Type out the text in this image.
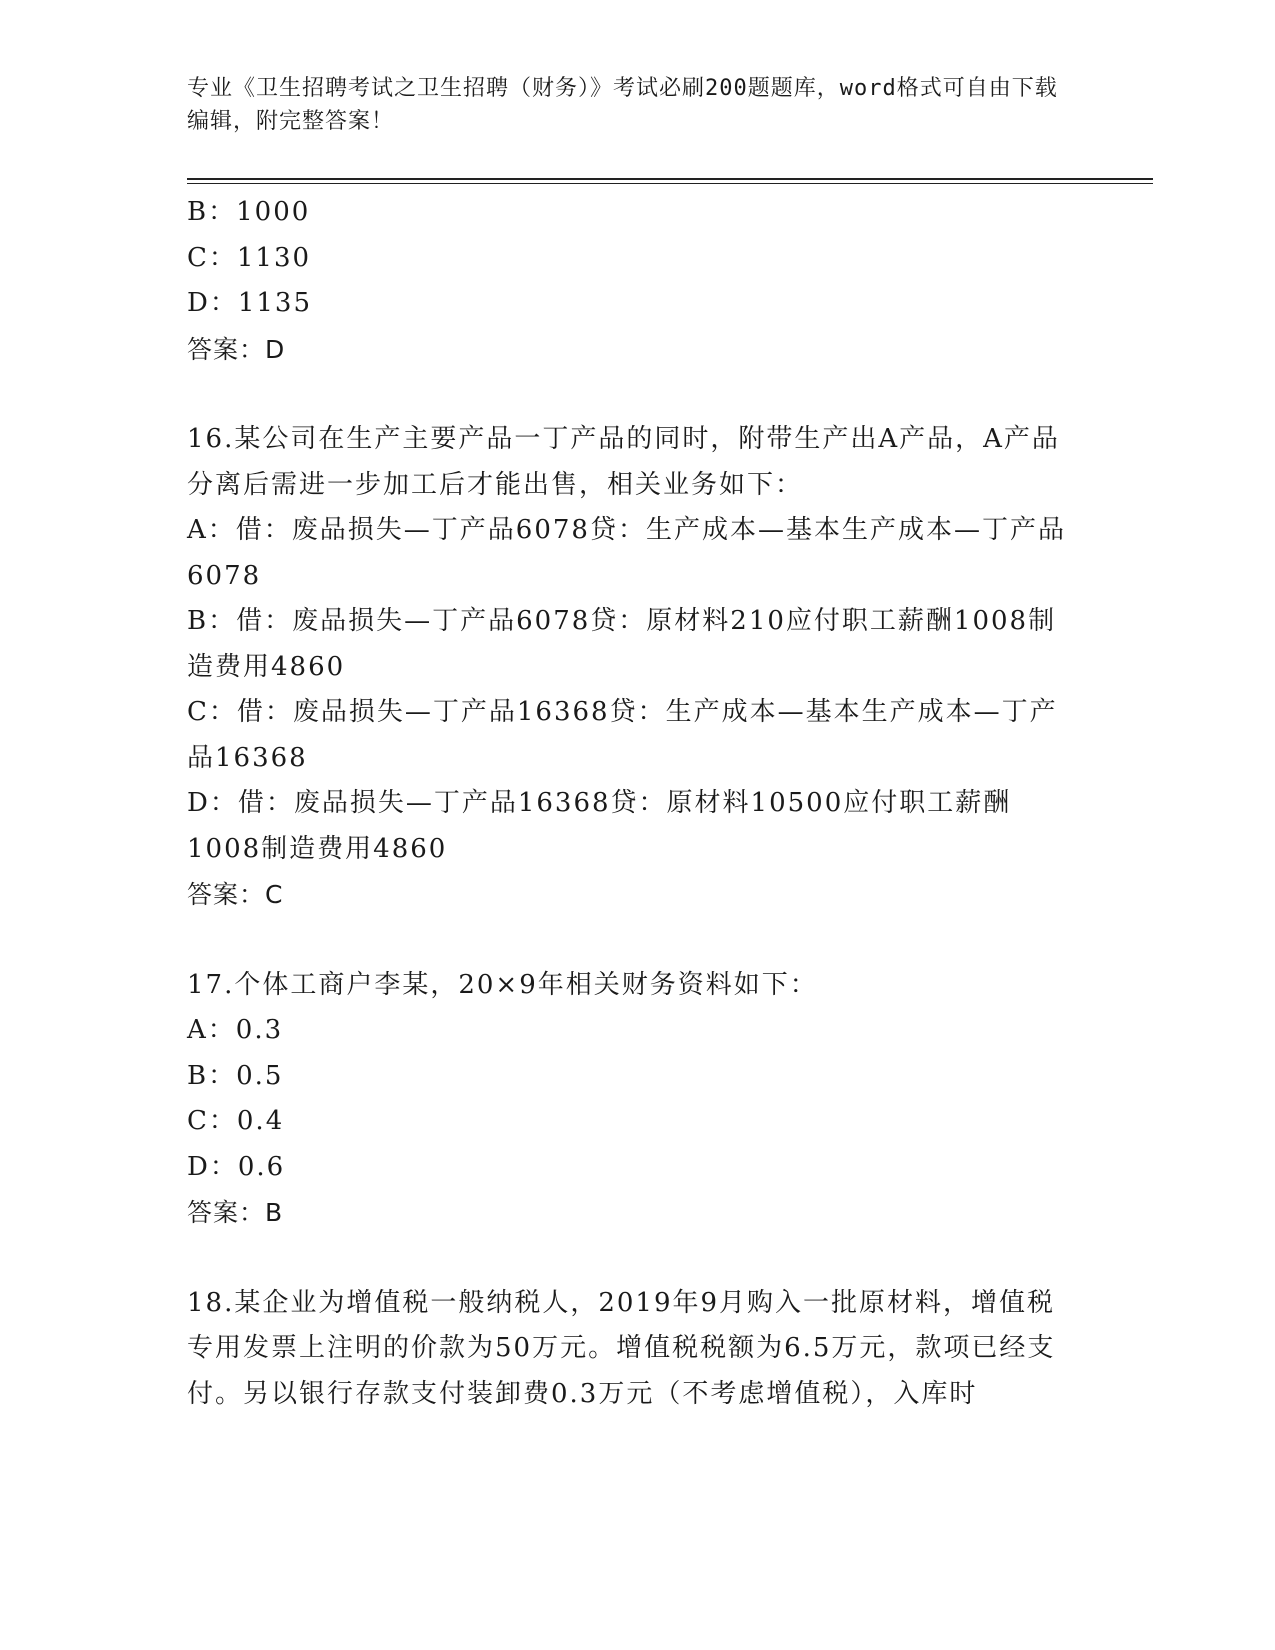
专业《卫生招聘考试之卫生招聘（财务）》考试必刷200题题库，word格式可自由下载编辑，附完整答案！
B：1000
C：1130
D：1135
答案：D
16.某公司在生产主要产品一丁产品的同时，附带生产出A产品，A产品分离后需进一步加工后才能出售，相关业务如下：
A：借：废品损失—丁产品6078贷：生产成本—基本生产成本—丁产品6078
B：借：废品损失—丁产品6078贷：原材料210应付职工薪酬1008制造费用4860
C：借：废品损失—丁产品16368贷：生产成本—基本生产成本—丁产品16368
D：借：废品损失—丁产品16368贷：原材料10500应付职工薪酬1008制造费用4860
答案：C
17.个体工商户李某，20×9年相关财务资料如下：
A：0.3
B：0.5
C：0.4
D：0.6
答案：B
18.某企业为增值税一般纳税人，2019年9月购入一批原材料，增值税专用发票上注明的价款为50万元。增值税税额为6.5万元，款项已经支付。另以银行存款支付装卸费0.3万元（不考虑增值税），入库时
